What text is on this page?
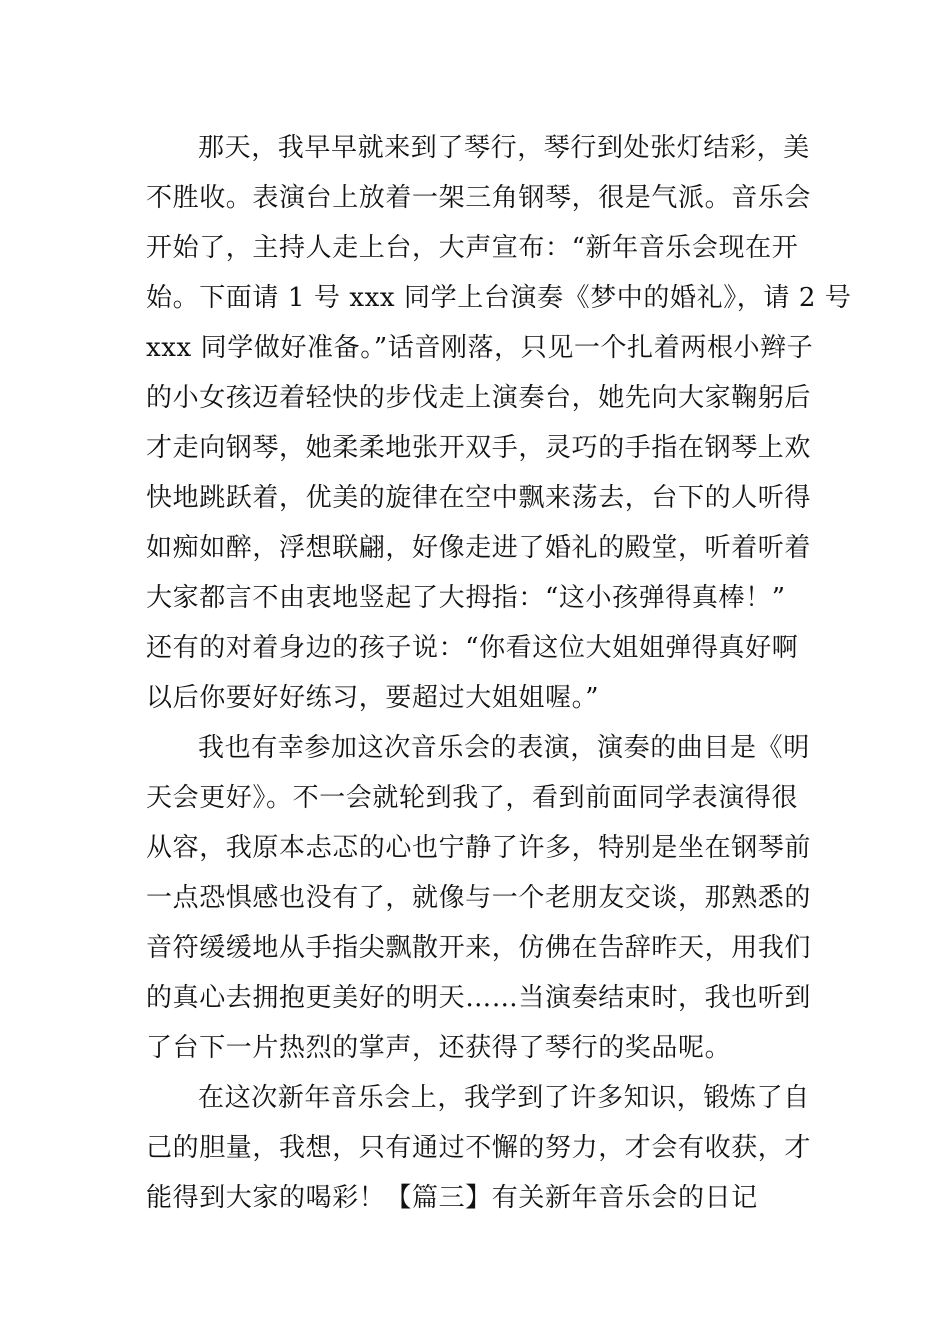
那天，我早早就来到了琴行，琴行到处张灯结彩，美
不胜收。表演台上放着一架三角钢琴，很是气派。音乐会
开始了，主持人走上台，大声宣布：“新年音乐会现在开
始。下面请 1 号 xxx 同学上台演奏《梦中的婚礼》，请 2 号
xxx 同学做好准备。”话音刚落，只见一个扎着两根小辫子
的小女孩迈着轻快的步伐走上演奏台，她先向大家鞠躬后
才走向钢琴，她柔柔地张开双手，灵巧的手指在钢琴上欢
快地跳跃着，优美的旋律在空中飘来荡去，台下的人听得
如痴如醉，浮想联翩，好像走进了婚礼的殿堂，听着听着
大家都言不由衷地竖起了大拇指：“这小孩弹得真棒！”
还有的对着身边的孩子说：“你看这位大姐姐弹得真好啊
以后你要好好练习，要超过大姐姐喔。”
我也有幸参加这次音乐会的表演，演奏的曲目是《明
天会更好》。不一会就轮到我了，看到前面同学表演得很
从容，我原本忐忑的心也宁静了许多，特别是坐在钢琴前
一点恐惧感也没有了，就像与一个老朋友交谈，那熟悉的
音符缓缓地从手指尖飘散开来，仿佛在告辞昨天，用我们
的真心去拥抱更美好的明天……当演奏结束时，我也听到
了台下一片热烈的掌声，还获得了琴行的奖品呢。
在这次新年音乐会上，我学到了许多知识，锻炼了自
己的胆量，我想，只有通过不懈的努力，才会有收获，才
能得到大家的喝彩！【篇三】有关新年音乐会的日记
